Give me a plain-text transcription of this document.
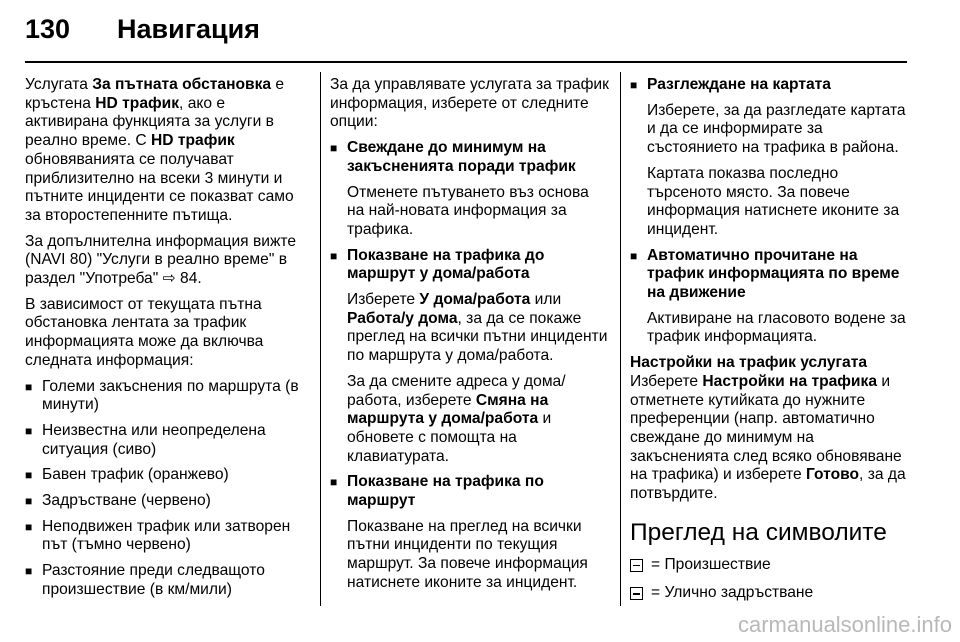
130 Навигация

Услугата За пътната обстановка е кръстена HD трафик, ако е активирана функцията за услуги в реално време. С HD трафик обновяванията се получават приблизително на всеки 3 минути и пътните инциденти се показват само за второстепенните пътища.

За допълнителна информация вижте (NAVI 80) "Услуги в реално време" в раздел "Употреба" ⇨ 84.

В зависимост от текущата пътна обстановка лентата за трафик информацията може да включва следната информация:

■ Големи закъснения по маршрута (в минути)
■ Неизвестна или неопределена ситуация (сиво)
■ Бавен трафик (оранжево)
■ Задръстване (червено)
■ Неподвижен трафик или затворен път (тъмно червено)
■ Разстояние преди следващото произшествие (в км/мили)

За да управлявате услугата за трафик информация, изберете от следните опции:

■ Свеждане до минимум на закъсненията поради трафик
Отменете пътуването въз основа на най-новата информация за трафика.
■ Показване на трафика до маршрут у дома/работа
Изберете У дома/работа или Работа/у дома, за да се покаже преглед на всички пътни инциденти по маршрута у дома/работа.
За да смените адреса у дома/работа, изберете Смяна на маршрута у дома/работа и обновете с помощта на клавиатурата.
■ Показване на трафика по маршрут
Показване на преглед на всички пътни инциденти по текущия маршрут. За повече информация натиснете иконите за инцидент.
■ Разглеждане на картата
Изберете, за да разгледате картата и да се информирате за състоянието на трафика в района.
Картата показва последно търсеното място. За повече информация натиснете иконите за инцидент.
■ Автоматично прочитане на трафик информацията по време на движение
Активиране на гласовото водене за трафик информацията.

Настройки на трафик услугата
Изберете Настройки на трафика и отметнете кутийката до нужните преференции (напр. автоматично свеждане до минимум на закъсненията след всяко обновяване на трафика) и изберете Готово, за да потвърдите.

Преглед на символите
= Произшествие
= Улично задръстване
carmanualsonline.info
